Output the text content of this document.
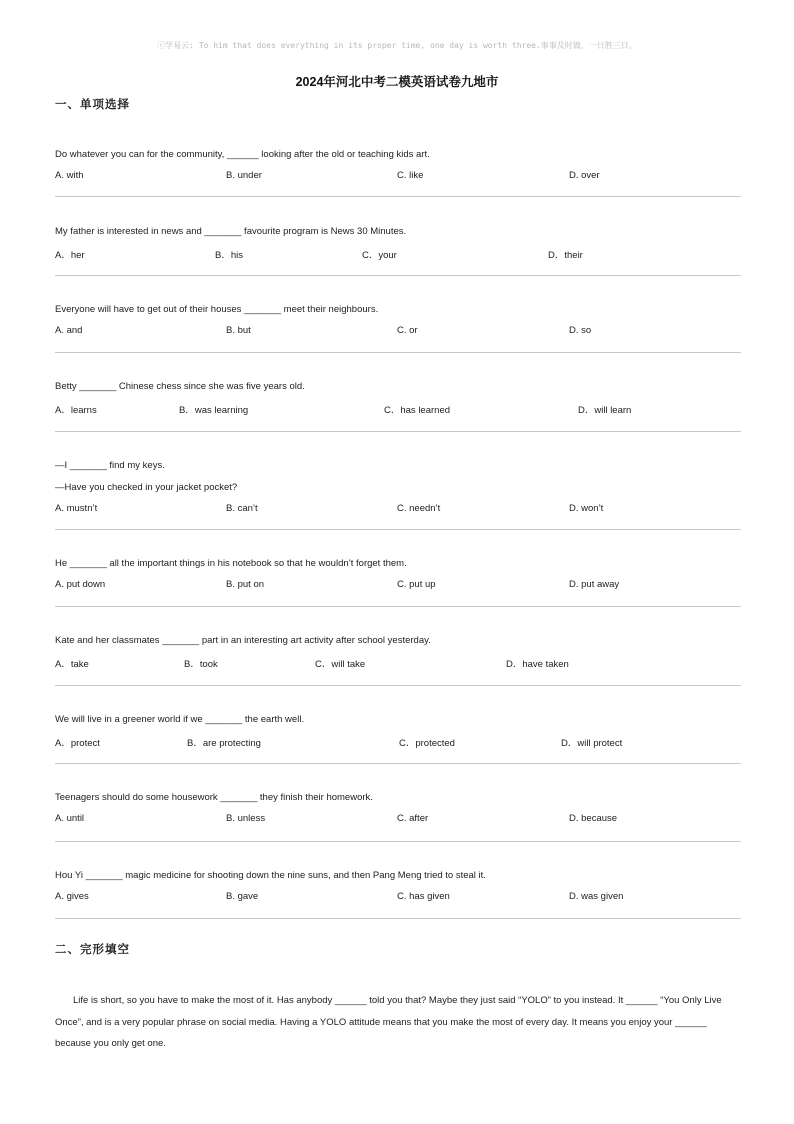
ⓒ学易云: To him that does everything in its proper time, one day is worth three.事事及时做，一日胜三日。
2024年河北中考二模英语试卷九地市
一、单项选择
Do whatever you can for the community, ______ looking after the old or teaching kids art.
A. with	B. under	C. like	D. over
My father is interested in news and _______ favourite program is News 30 Minutes.
A．her	B．his	C．your	D．their
Everyone will have to get out of their houses _______ meet their neighbours.
A. and	B. but	C. or	D. so
Betty _______ Chinese chess since she was five years old.
A．learns	B．was learning	C．has learned	D．will learn
—I _______ find my keys.
—Have you checked in your jacket pocket?
A. mustn’t	B. can’t	C. needn’t	D. won’t
He _______ all the important things in his notebook so that he wouldn’t forget them.
A. put down	B. put on	C. put up	D. put away
Kate and her classmates _______ part in an interesting art activity after school yesterday.
A．take	B．took	C．will take	D．have taken
We will live in a greener world if we _______ the earth well.
A．protect	B．are protecting	C．protected	D．will protect
Teenagers should do some housework _______ they finish their homework.
A. until	B. unless	C. after	D. because
Hou Yi _______ magic medicine for shooting down the nine suns, and then Pang Meng tried to steal it.
A. gives	B. gave	C. has given	D. was given
二、完形填空

Life is short, so you have to make the most of it. Has anybody ______ told you that? Maybe they just said “YOLO” to you instead. It ______ “You Only Live Once”, and is a very popular phrase on social media. Having a YOLO attitude means that you make the most of every day. It means you enjoy your ______ because you only get one.
